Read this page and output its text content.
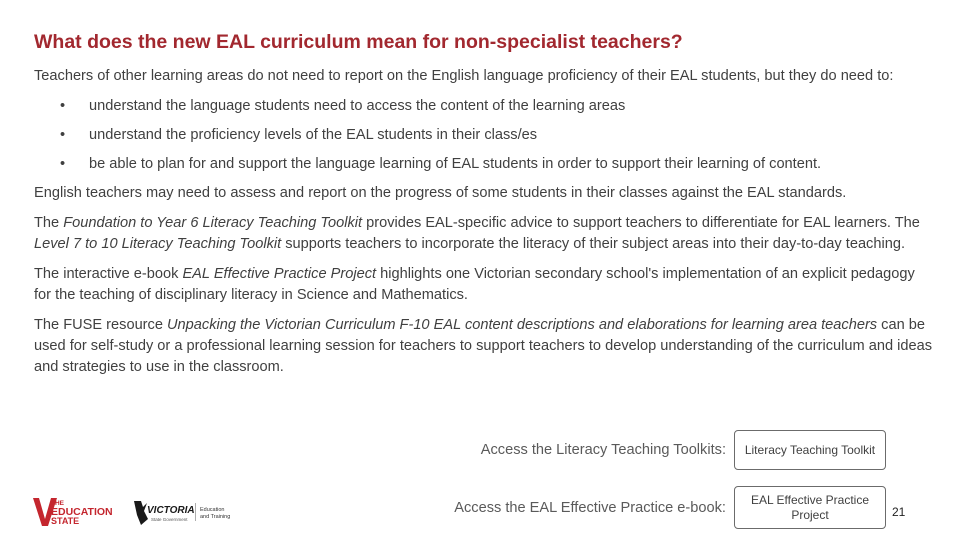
What does the new EAL curriculum mean for non-specialist teachers?

Teachers of other learning areas do not need to report on the English language proficiency of their EAL students, but they do need to:

• understand the language students need to access the content of the learning areas
• understand the proficiency levels of the EAL students in their class/es
• be able to plan for and support the language learning of EAL students in order to support their learning of content.

English teachers may need to assess and report on the progress of some students in their classes against the EAL standards.

The Foundation to Year 6 Literacy Teaching Toolkit provides EAL-specific advice to support teachers to differentiate for EAL learners. The Level 7 to 10 Literacy Teaching Toolkit supports teachers to incorporate the literacy of their subject areas into their day-to-day teaching.

The interactive e-book EAL Effective Practice Project highlights one Victorian secondary school's implementation of an explicit pedagogy for the teaching of disciplinary literacy in Science and Mathematics.

The FUSE resource Unpacking the Victorian Curriculum F-10 EAL content descriptions and elaborations for learning area teachers can be used for self-study or a professional learning session for teachers to support teachers to develop understanding of the curriculum and ideas and strategies to use in the classroom.

Access the Literacy Teaching Toolkits:	Literacy Teaching Toolkit
Access the EAL Effective Practice e-book:	EAL Effective Practice Project	21
THE
EDUCATION
STATE
VICTORIA
State Government
Education
and Training
